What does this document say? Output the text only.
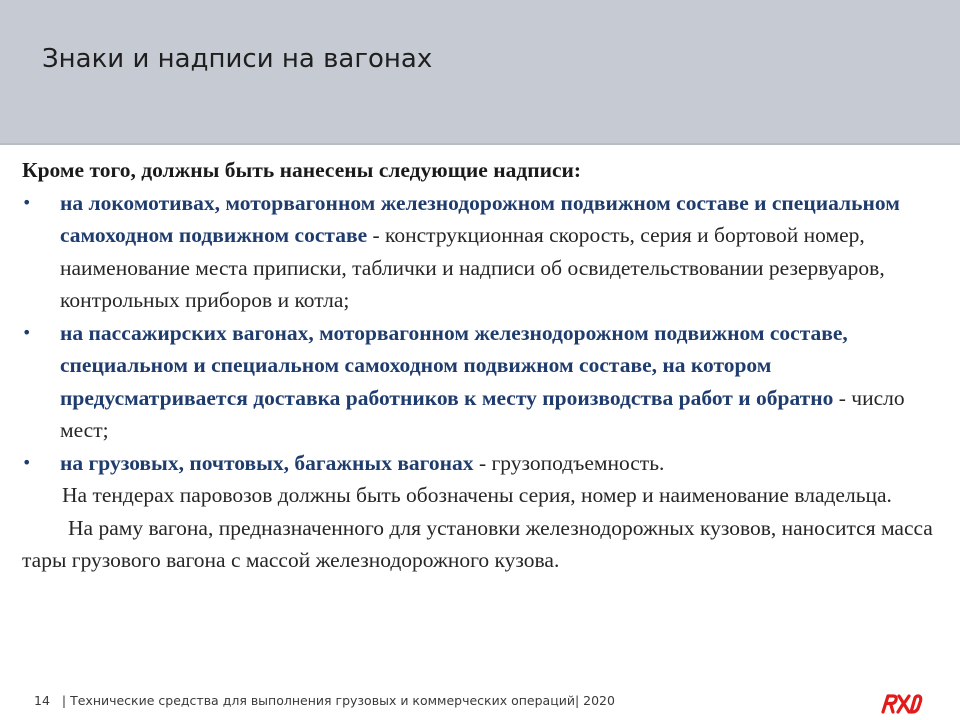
Знаки и надписи на вагонах
Кроме того, должны быть нанесены следующие надписи:
• на локомотивах, моторвагонном железнодорожном подвижном составе и специальном самоходном подвижном составе - конструкционная скорость, серия и бортовой номер, наименование места приписки, таблички и надписи об освидетельствовании резервуаров, контрольных приборов и котла;
• на пассажирских вагонах, моторвагонном железнодорожном подвижном составе, специальном и специальном самоходном подвижном составе, на котором предусматривается доставка работников к месту производства работ и обратно - число мест;
• на грузовых, почтовых, багажных вагонах - грузоподъемность.
На тендерах паровозов должны быть обозначены серия, номер и наименование владельца.
На раму вагона, предназначенного для установки железнодорожных кузовов, наносится масса тары грузового вагона с массой железнодорожного кузова.
14 | Технические средства для выполнения грузовых и коммерческих операций| 2020
